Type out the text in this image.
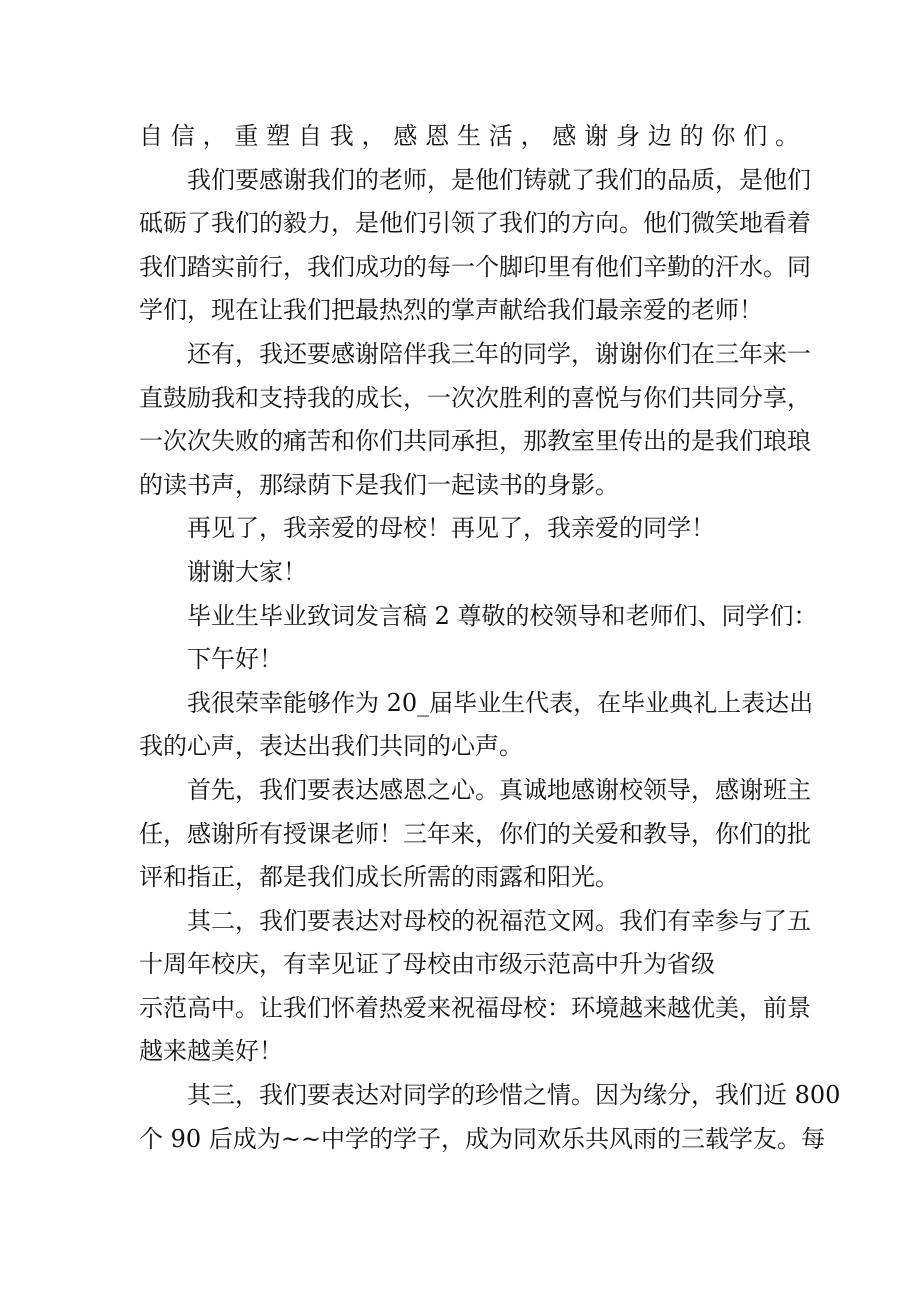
自信，重塑自我，感恩生活，感谢身边的你们。
我们要感谢我们的老师，是他们铸就了我们的品质，是他们
砥砺了我们的毅力，是他们引领了我们的方向。他们微笑地看着
我们踏实前行，我们成功的每一个脚印里有他们辛勤的汗水。同
学们，现在让我们把最热烈的掌声献给我们最亲爱的老师！
还有，我还要感谢陪伴我三年的同学，谢谢你们在三年来一
直鼓励我和支持我的成长，一次次胜利的喜悦与你们共同分享，
一次次失败的痛苦和你们共同承担，那教室里传出的是我们琅琅
的读书声，那绿荫下是我们一起读书的身影。
再见了，我亲爱的母校！再见了，我亲爱的同学！
谢谢大家！
毕业生毕业致词发言稿 2 尊敬的校领导和老师们、同学们：
下午好！
我很荣幸能够作为 20_届毕业生代表，在毕业典礼上表达出
我的心声，表达出我们共同的心声。
首先，我们要表达感恩之心。真诚地感谢校领导，感谢班主
任，感谢所有授课老师！三年来，你们的关爱和教导，你们的批
评和指正，都是我们成长所需的雨露和阳光。
其二，我们要表达对母校的祝福范文网。我们有幸参与了五
十周年校庆，有幸见证了母校由市级示范高中升为省级
示范高中。让我们怀着热爱来祝福母校：环境越来越优美，前景
越来越美好！
其三，我们要表达对同学的珍惜之情。因为缘分，我们近 800
个 90 后成为~~中学的学子，成为同欢乐共风雨的三载学友。每
